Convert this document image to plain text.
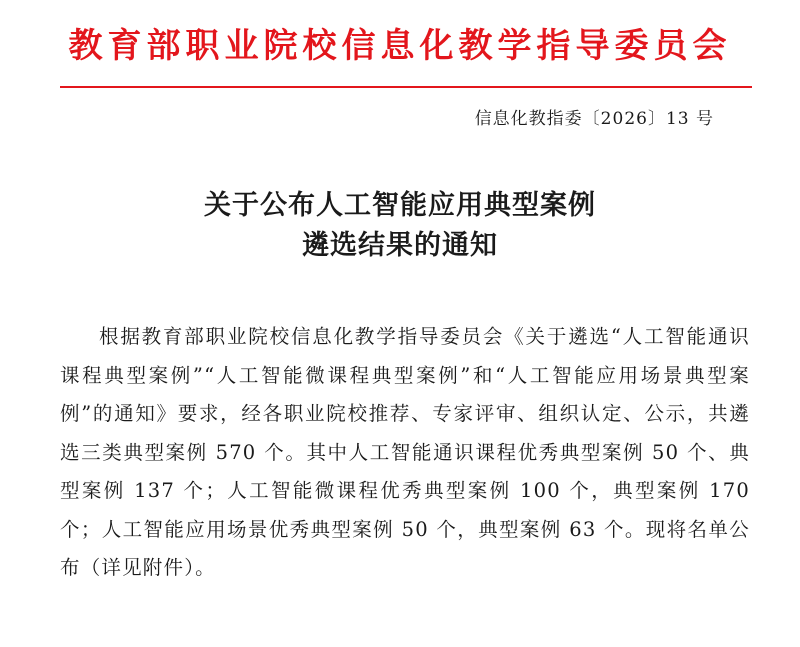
教育部职业院校信息化教学指导委员会
信息化教指委〔2026〕13 号
关于公布人工智能应用典型案例
遴选结果的通知

根据教育部职业院校信息化教学指导委员会《关于遴选“人工智能通识课程典型案例”“人工智能微课程典型案例”和“人工智能应用场景典型案例”的通知》要求，经各职业院校推荐、专家评审、组织认定、公示，共遴选三类典型案例 570 个。其中人工智能通识课程优秀典型案例 50 个、典型案例 137 个；人工智能微课程优秀典型案例 100 个，典型案例 170 个；人工智能应用场景优秀典型案例 50 个，典型案例 63 个。现将名单公布（详见附件）。
